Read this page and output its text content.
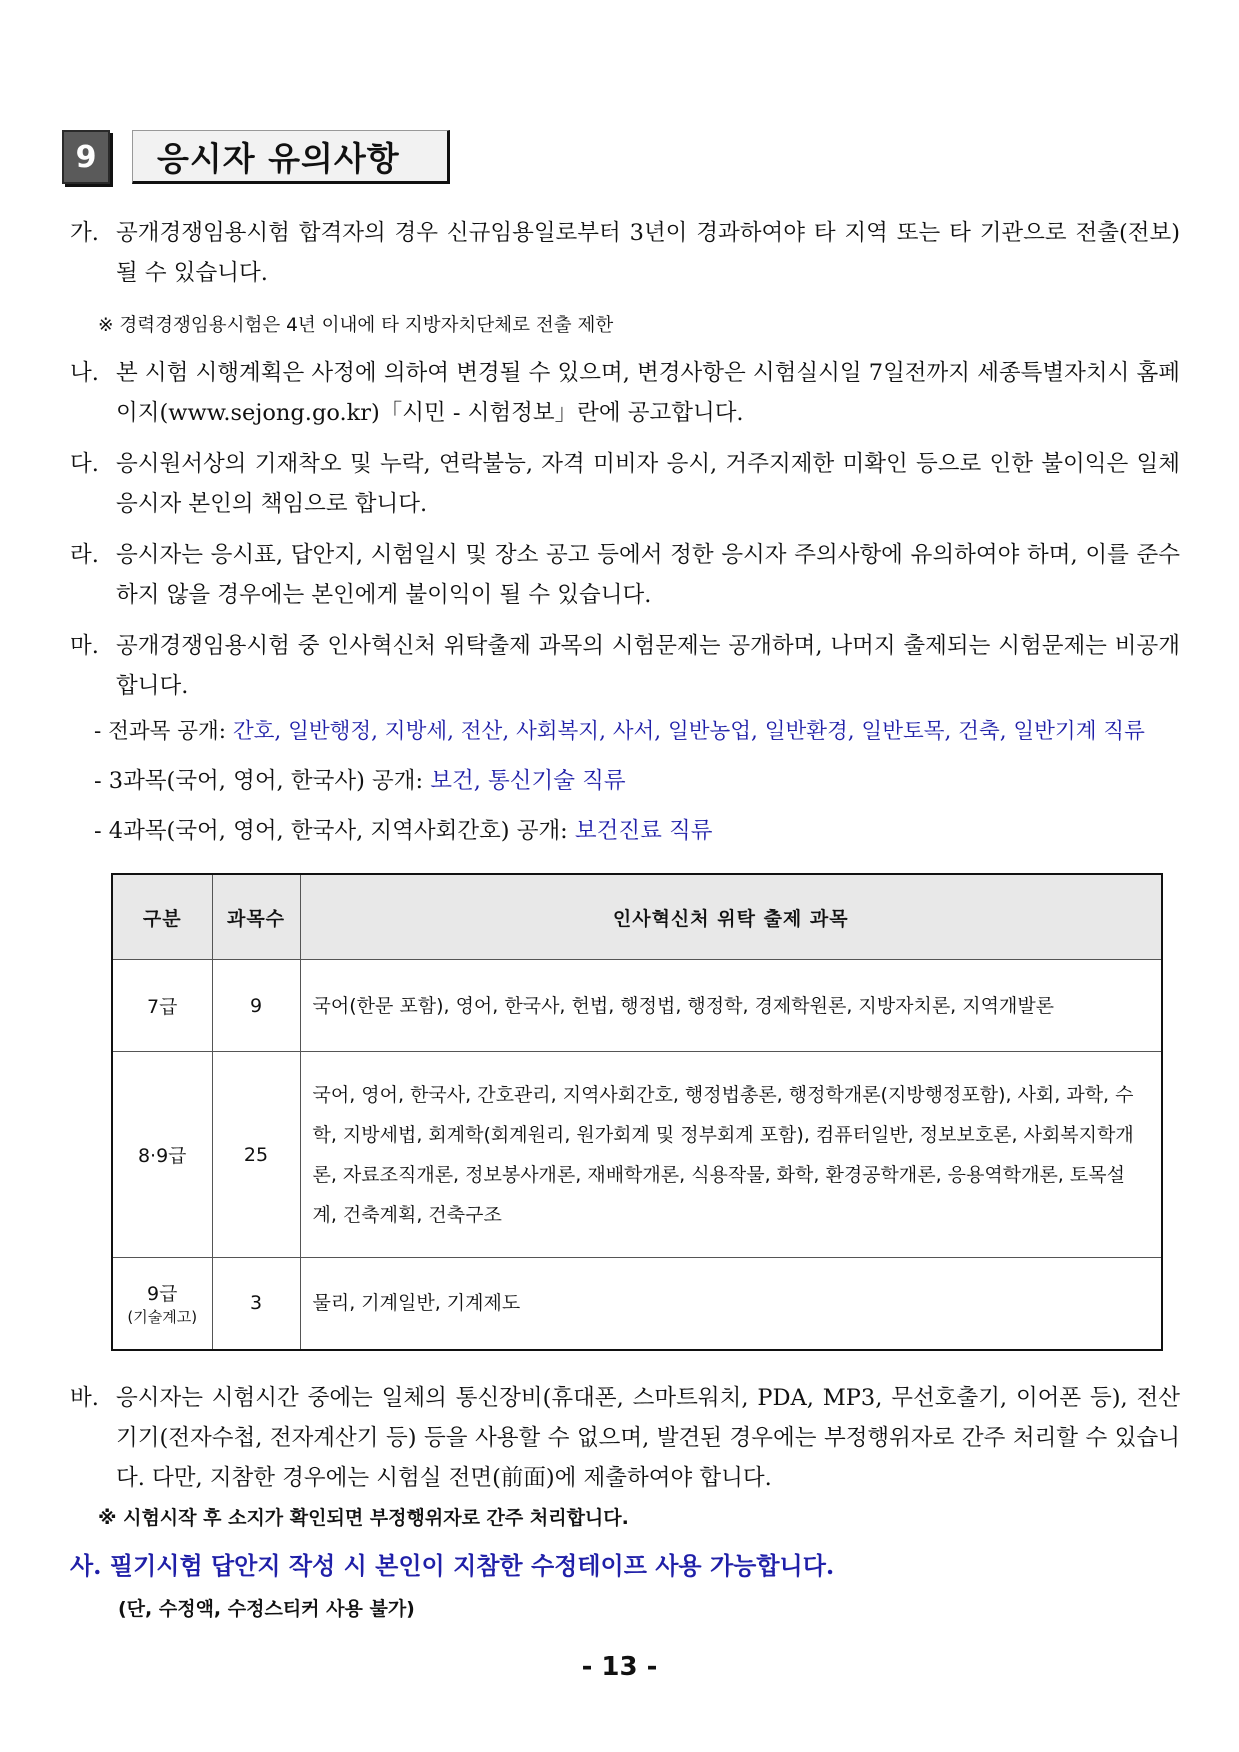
9	응시자 유의사항
가. 공개경쟁임용시험 합격자의 경우 신규임용일로부터 3년이 경과하여야 타 지역 또는 타 기관으로 전출(전보)될 수 있습니다.
※ 경력경쟁임용시험은 4년 이내에 타 지방자치단체로 전출 제한
나. 본 시험 시행계획은 사정에 의하여 변경될 수 있으며, 변경사항은 시험실시일 7일전까지 세종특별자치시 홈페이지(www.sejong.go.kr)「시민 - 시험정보」란에 공고합니다.
다. 응시원서상의 기재착오 및 누락, 연락불능, 자격 미비자 응시, 거주지제한 미확인 등으로 인한 불이익은 일체 응시자 본인의 책임으로 합니다.
라. 응시자는 응시표, 답안지, 시험일시 및 장소 공고 등에서 정한 응시자 주의사항에 유의하여야 하며, 이를 준수하지 않을 경우에는 본인에게 불이익이 될 수 있습니다.
마. 공개경쟁임용시험 중 인사혁신처 위탁출제 과목의 시험문제는 공개하며, 나머지 출제되는 시험문제는 비공개합니다.
- 전과목 공개: 간호, 일반행정, 지방세, 전산, 사회복지, 사서, 일반농업, 일반환경, 일반토목, 건축, 일반기계 직류
- 3과목(국어, 영어, 한국사) 공개: 보건, 통신기술 직류
- 4과목(국어, 영어, 한국사, 지역사회간호) 공개: 보건진료 직류
구분	과목수	인사혁신처 위탁 출제 과목
7급	9	국어(한문 포함), 영어, 한국사, 헌법, 행정법, 행정학, 경제학원론, 지방자치론, 지역개발론
8·9급	25	국어, 영어, 한국사, 간호관리, 지역사회간호, 행정법총론, 행정학개론(지방행정포함), 사회, 과학, 수학, 지방세법, 회계학(회계원리, 원가회계 및 정부회계 포함), 컴퓨터일반, 정보보호론, 사회복지학개론, 자료조직개론, 정보봉사개론, 재배학개론, 식용작물, 화학, 환경공학개론, 응용역학개론, 토목설계, 건축계획, 건축구조

9급
(기술계고)	3	물리, 기계일반, 기계제도
바. 응시자는 시험시간 중에는 일체의 통신장비(휴대폰, 스마트워치, PDA, MP3, 무선호출기, 이어폰 등), 전산기기(전자수첩, 전자계산기 등) 등을 사용할 수 없으며, 발견된 경우에는 부정행위자로 간주 처리할 수 있습니다. 다만, 지참한 경우에는 시험실 전면(前面)에 제출하여야 합니다.
※ 시험시작 후 소지가 확인되면 부정행위자로 간주 처리합니다.
사. 필기시험 답안지 작성 시 본인이 지참한 수정테이프 사용 가능합니다.
(단, 수정액, 수정스티커 사용 불가)
- 13 -
